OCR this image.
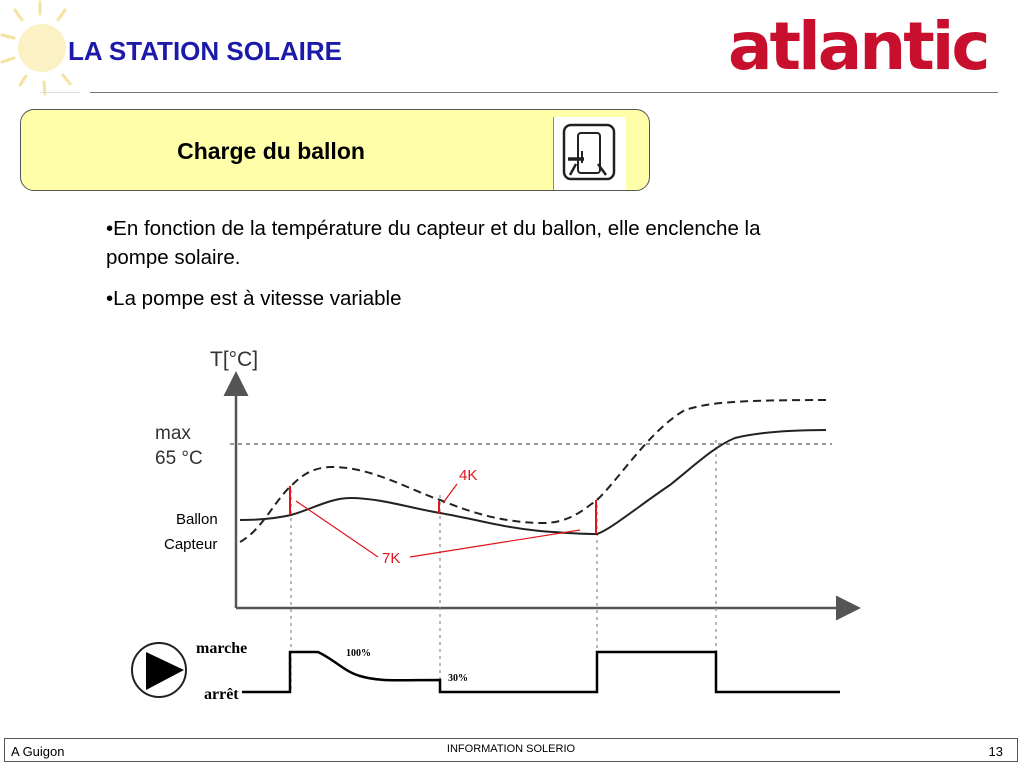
LA STATION SOLAIRE	atlantic
Charge du ballon

•En fonction de la température du capteur et du ballon, elle enclenche la pompe solaire.

•La pompe est à vitesse variable

T[°C]
max
65 °C
Ballon
Capteur
7K
4K
marche
arrêt
100%
30%
A Guigon	INFORMATION SOLERIO	13
